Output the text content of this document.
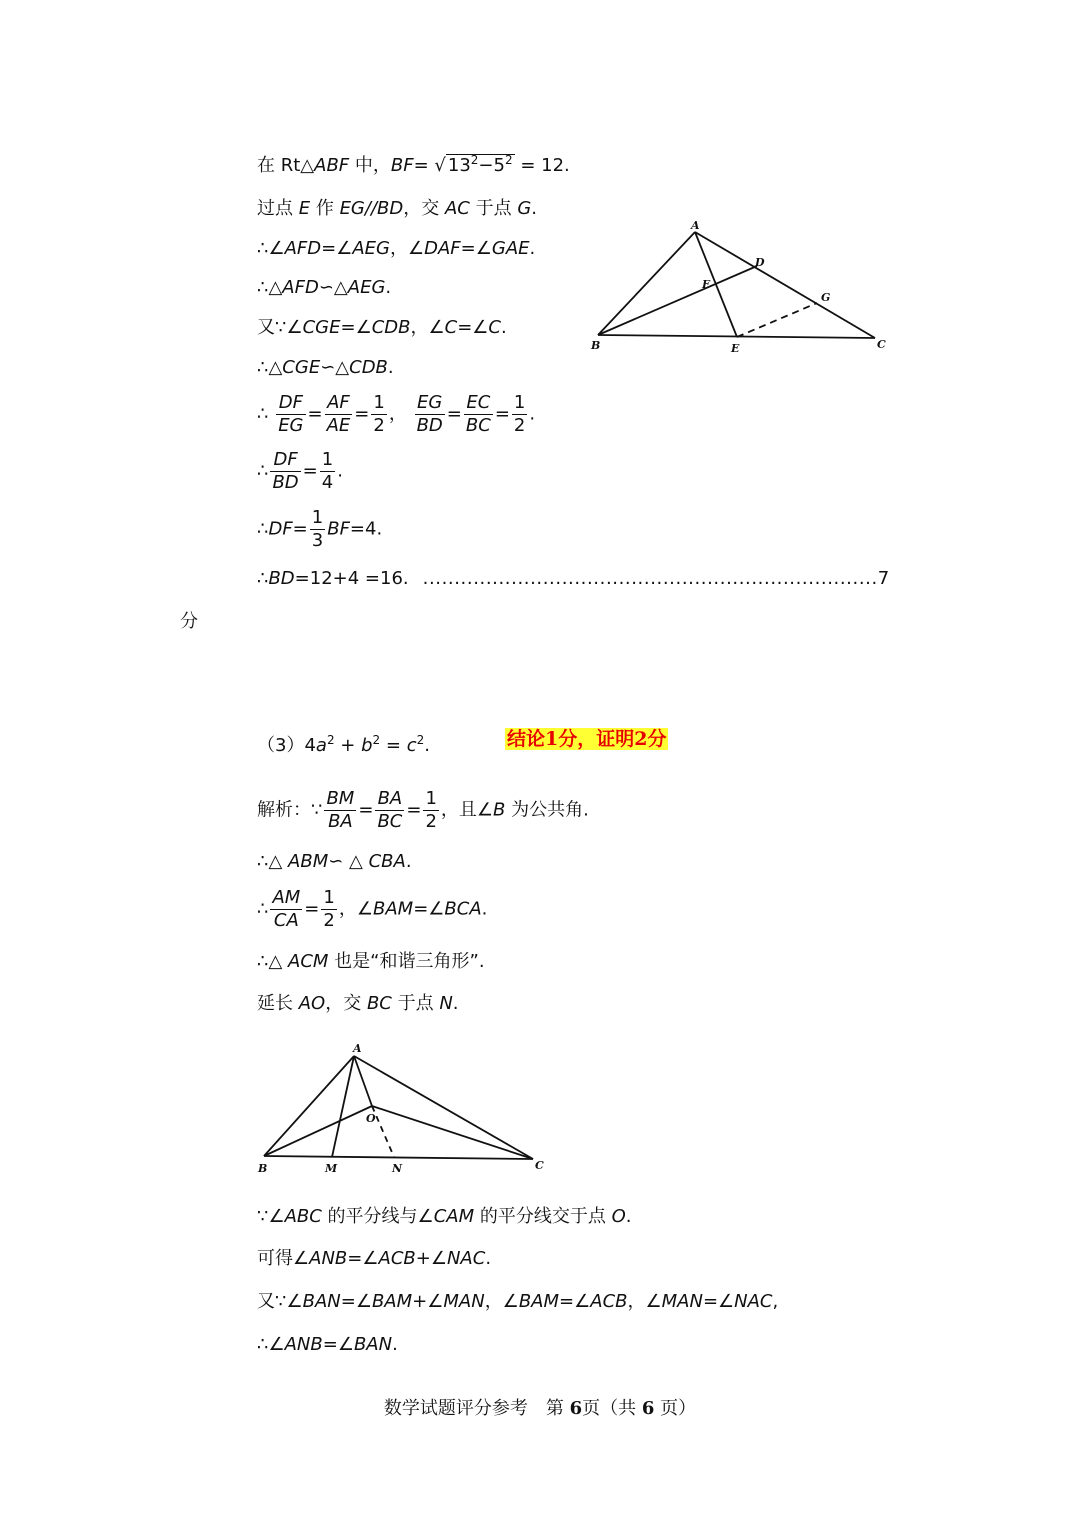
在 Rt△ABF 中，BF= √ $13^2-5^2 = 12$.
过点 E 作 EG//BD，交 AC 于点 G.
∴∠AFD=∠AEG，∠DAF=∠GAE.
∴△AFD∽△AEG.
又∵∠CGE=∠CDB，∠C=∠C.
∴△CGE∽△CDB.
∴ $\frac{DF}{EG} = \frac{AF}{AE} = \frac{1}{2}$ ， $\frac{EG}{BD} = \frac{EC}{BC} = \frac{1}{2}$ .
∴ $\frac{DF}{BD} = \frac{1}{4}$ .
∴DF= $\frac{1}{3} BF=4$.
∴BD=12+4 =16. ........................................................................7
分
$(3)4a^2 + b^2 = c^2$.	结论1分，证明2分
解析：∵ $\frac{BM}{BA} = \frac{BA}{BC} = \frac{1}{2}$ ，且∠B 为公共角.
∴△ ABM∽ △ CBA.
∴ $\frac{AM}{CA} = \frac{1}{2}$ ，∠BAM=∠BCA.
∴△ ACM 也是“和谐三角形”.
延长 AO，交 BC 于点 N.
∵∠ABC 的平分线与∠CAM 的平分线交于点 O.
可得∠ANB=∠ACB+∠NAC.
又∵∠BAN=∠BAM+∠MAN，∠BAM=∠ACB，∠MAN=∠NAC,
∴∠ANB=∠BAN.
A
B	C
D
E
F
G
A
B	C
M	N
O
数学试题评分参考　第 6页（共 6 页）
